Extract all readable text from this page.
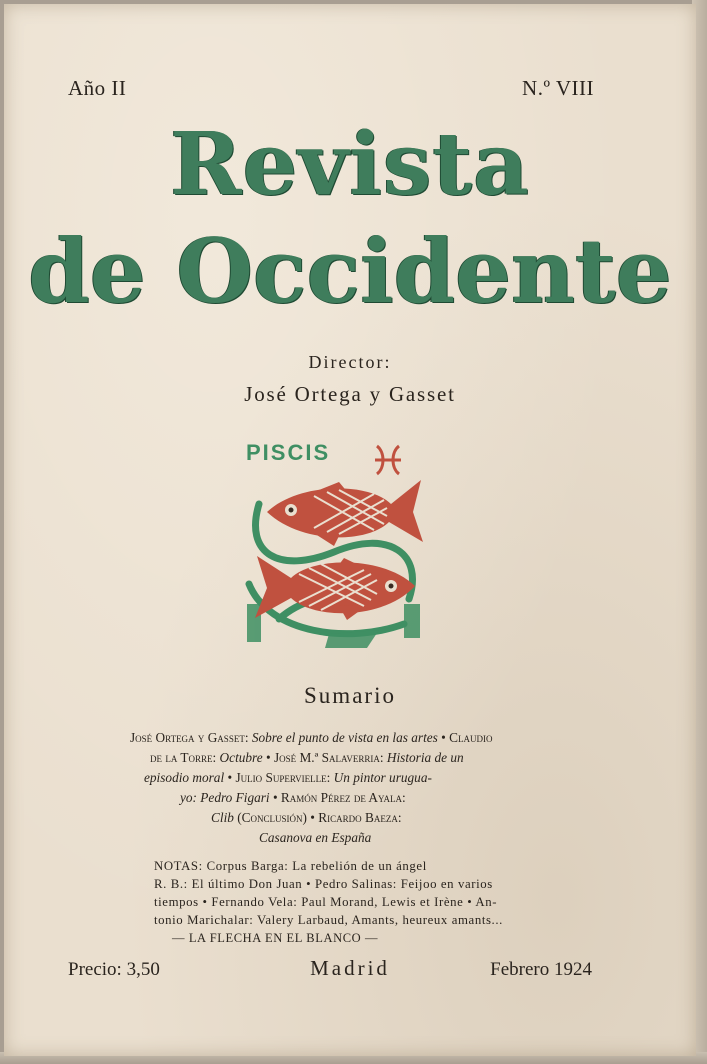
Año II	N.º VIII
Revista
de Occidente
Director:
José Ortega y Gasset
PISCIS
Sumario
José Ortega y Gasset: Sobre el punto de vista en las artes • Claudio
de la Torre: Octubre • José M.ª Salaverria: Historia de un
episodio moral • Julio Supervielle: Un pintor urugua-
yo: Pedro Figari • Ramón Pérez de Ayala:
Clib (Conclusión) • Ricardo Baeza:
Casanova en España
NOTAS: Corpus Barga: La rebelión de un ángel
R. B.: El último Don Juan • Pedro Salinas: Feijoo en varios
tiempos • Fernando Vela: Paul Morand, Lewis et Irène • An-
tonio Marichalar: Valery Larbaud, Amants, heureux amants...
— LA FLECHA EN EL BLANCO —
Precio: 3,50	Madrid	Febrero 1924
